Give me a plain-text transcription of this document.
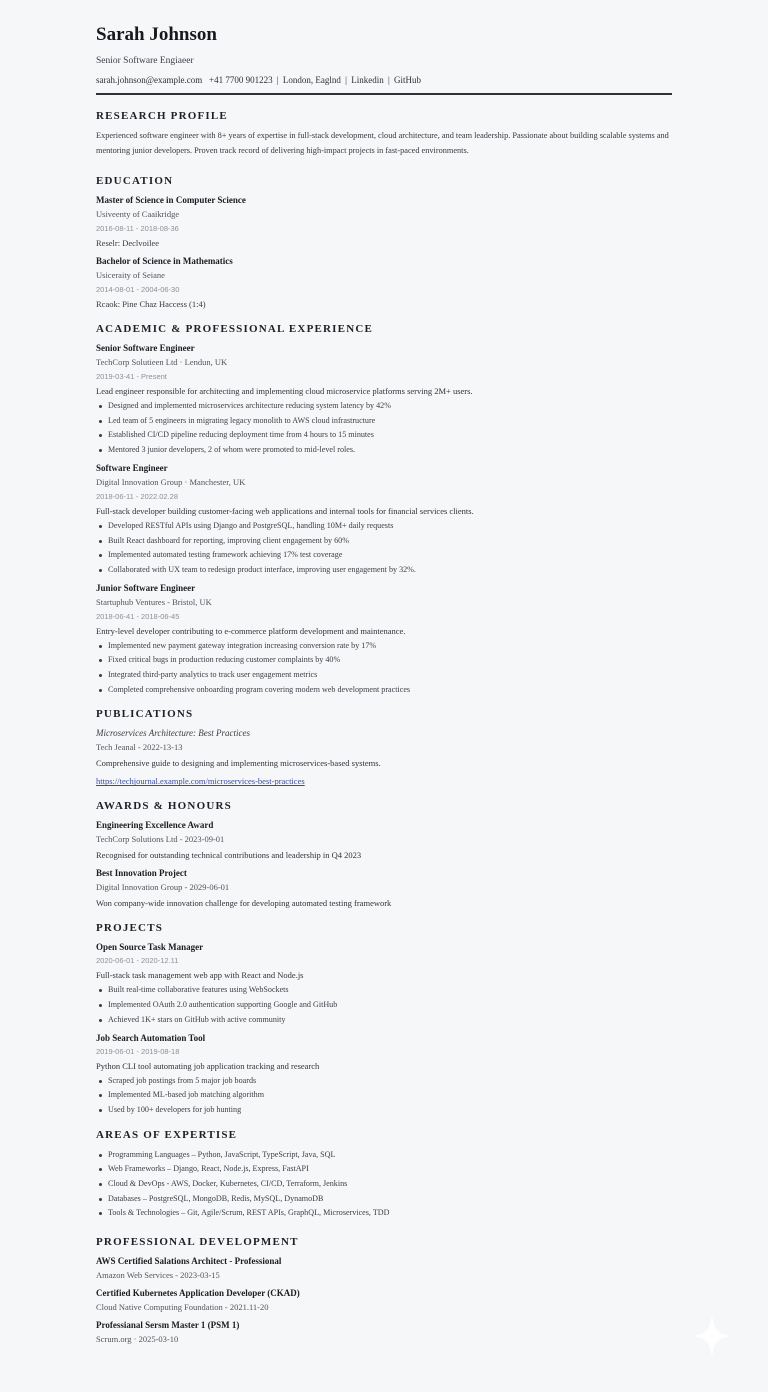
Sarah Johnson
Senior Software Engiaeer
sarah.johnson@example.com +41 7700 901223 | London, Eaglnd | Linkedin | GitHub
RESEARCH PROFILE
Experienced software engineer with 8+ years of expertise in full-stack development, cloud architecture, and team leadership. Passionate about building scalable systems and mentoring junior developers. Proven track record of delivering high-impact projects in fast-paced environments.
EDUCATION
Master of Science in Computer Science
Usiveenty of Caaikridge
2016-08-11 - 2018-08-36
Reselr: Declvoilee
Bachelor of Science in Mathematics
Usiceraity of Seiane
2014-08-01 - 2004-06-30
Rcaok: Pine Chaz Haccess (1:4)
ACADEMIC & PROFESSIONAL EXPERIENCE
Senior Software Engineer
TechCorp Solutieen Ltd · Lendun, UK
2019-03-41 - Present
Lead engineer responsible for architecting and implementing cloud microservice platforms serving 2M+ users.
Designed and implemented microservices architecture reducing system latency by 42%
Led team of 5 engineers in migrating legacy monolith to AWS cloud infrastructure
Established CI/CD pipeline reducing deployment time from 4 hours to 15 minutes
Mentored 3 junior developers, 2 of whom were promoted to mid-level roles.
Software Engineer
Digital Innovation Group · Manchester, UK
2018-06-11 - 2022.02.28
Full-stack developer building customer-facing web applications and internal tools for financial services clients.
Developed RESTful APIs using Django and PostgreSQL, handling 10M+ daily requests
Built React dashboard for reporting, improving client engagement by 60%
Implemented automated testing framework achieving 17% test coverage
Collaborated with UX team to redesign product interface, improving user engagement by 32%.
Junior Software Engineer
Startuphub Ventures - Bristol, UK
2018-06-41 - 2018-06-45
Entry-level developer contributing to e-commerce platform development and maintenance.
Implemented new payment gateway integration increasing conversion rate by 17%
Fixed critical bugs in production reducing customer complaints by 40%
Integrated third-party analytics to track user engagement metrics
Completed comprehensive onboarding program covering modern web development practices
PUBLICATIONS
Microservices Architecture: Best Practices
Tech Jeanal - 2022-13-13
Comprehensive guide to designing and implementing microservices-based systems.
https://techjournal.example.com/microservices-best-practices
AWARDS & HONOURS
Engineering Excellence Award
TechCorp Solutions Ltd - 2023-09-01
Recognised for outstanding technical contributions and leadership in Q4 2023
Best Innovation Project
Digital Innovation Group - 2029-06-01
Won company-wide innovation challenge for developing automated testing framework
PROJECTS
Open Source Task Manager
2020-06-01 - 2020-12.11
Full-stack task management web app with React and Node.js
Built real-time collaborative features using WebSockets
Implemented OAuth 2.0 authentication supporting Google and GitHub
Achieved 1K+ stars on GitHub with active community
Job Search Automation Tool
2019-06-01 - 2019-08-18
Python CLI tool automating job application tracking and research
Scraped job postings from 5 major job boards
Implemented ML-based job matching algorithm
Used by 100+ developers for job hunting
AREAS OF EXPERTISE
Programming Languages – Python, JavaScript, TypeScript, Java, SQL
Web Frameworks – Django, React, Node.js, Express, FastAPI
Cloud & DevOps - AWS, Docker, Kubernetes, CI/CD, Terraform, Jenkins
Databases – PostgreSQL, MongoDB, Redis, MySQL, DynamoDB
Tools & Technologies – Git, Agile/Scrum, REST APIs, GraphQL, Microservices, TDD
PROFESSIONAL DEVELOPMENT
AWS Certified Salations Architect - Professional
Amazon Web Services - 2023-03-15
Certified Kubernetes Application Developer (CKAD)
Cloud Native Computing Foundation - 2021.11-20
Professianal Sersm Master 1 (PSM 1)
Scrum.org · 2025-03-10
